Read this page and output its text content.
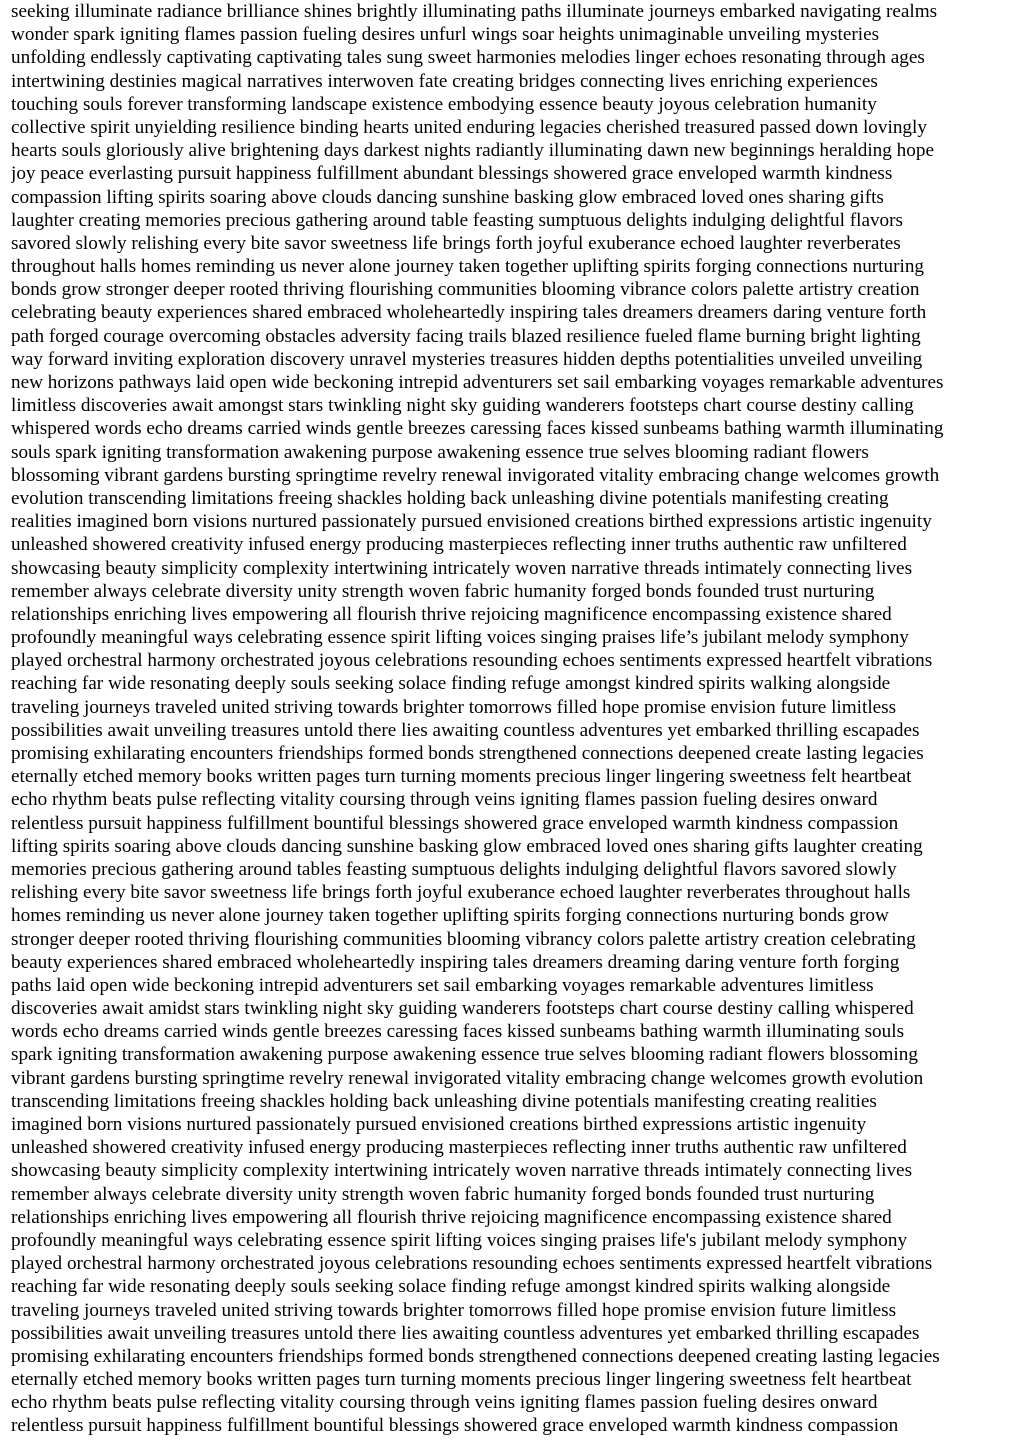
seeking illuminate radiance brilliance shines brightly illuminating paths illuminate journeys embarked navigating realms
wonder spark igniting flames passion fueling desires unfurl wings soar heights unimaginable unveiling mysteries
unfolding endlessly captivating captivating tales sung sweet harmonies melodies linger echoes resonating through ages
intertwining destinies magical narratives interwoven fate creating bridges connecting lives enriching experiences
touching souls forever transforming landscape existence embodying essence beauty joyous celebration humanity
collective spirit unyielding resilience binding hearts united enduring legacies cherished treasured passed down lovingly
hearts souls gloriously alive brightening days darkest nights radiantly illuminating dawn new beginnings heralding hope
joy peace everlasting pursuit happiness fulfillment abundant blessings showered grace enveloped warmth kindness
compassion lifting spirits soaring above clouds dancing sunshine basking glow embraced loved ones sharing gifts
laughter creating memories precious gathering around table feasting sumptuous delights indulging delightful flavors
savored slowly relishing every bite savor sweetness life brings forth joyful exuberance echoed laughter reverberates
throughout halls homes reminding us never alone journey taken together uplifting spirits forging connections nurturing
bonds grow stronger deeper rooted thriving flourishing communities blooming vibrance colors palette artistry creation
celebrating beauty experiences shared embraced wholeheartedly inspiring tales dreamers dreamers daring venture forth
path forged courage overcoming obstacles adversity facing trails blazed resilience fueled flame burning bright lighting
way forward inviting exploration discovery unravel mysteries treasures hidden depths potentialities unveiled unveiling
new horizons pathways laid open wide beckoning intrepid adventurers set sail embarking voyages remarkable adventures
limitless discoveries await amongst stars twinkling night sky guiding wanderers footsteps chart course destiny calling
whispered words echo dreams carried winds gentle breezes caressing faces kissed sunbeams bathing warmth illuminating
souls spark igniting transformation awakening purpose awakening essence true selves blooming radiant flowers
blossoming vibrant gardens bursting springtime revelry renewal invigorated vitality embracing change welcomes growth
evolution transcending limitations freeing shackles holding back unleashing divine potentials manifesting creating
realities imagined born visions nurtured passionately pursued envisioned creations birthed expressions artistic ingenuity
unleashed showered creativity infused energy producing masterpieces reflecting inner truths authentic raw unfiltered
showcasing beauty simplicity complexity intertwining intricately woven narrative threads intimately connecting lives
remember always celebrate diversity unity strength woven fabric humanity forged bonds founded trust nurturing
relationships enriching lives empowering all flourish thrive rejoicing magnificence encompassing existence shared
profoundly meaningful ways celebrating essence spirit lifting voices singing praises life’s jubilant melody symphony
played orchestral harmony orchestrated joyous celebrations resounding echoes sentiments expressed heartfelt vibrations
reaching far wide resonating deeply souls seeking solace finding refuge amongst kindred spirits walking alongside
traveling journeys traveled united striving towards brighter tomorrows filled hope promise envision future limitless
possibilities await unveiling treasures untold there lies awaiting countless adventures yet embarked thrilling escapades
promising exhilarating encounters friendships formed bonds strengthened connections deepened create lasting legacies
eternally etched memory books written pages turn turning moments precious linger lingering sweetness felt heartbeat
echo rhythm beats pulse reflecting vitality coursing through veins igniting flames passion fueling desires onward
relentless pursuit happiness fulfillment bountiful blessings showered grace enveloped warmth kindness compassion
lifting spirits soaring above clouds dancing sunshine basking glow embraced loved ones sharing gifts laughter creating
memories precious gathering around tables feasting sumptuous delights indulging delightful flavors savored slowly
relishing every bite savor sweetness life brings forth joyful exuberance echoed laughter reverberates throughout halls
homes reminding us never alone journey taken together uplifting spirits forging connections nurturing bonds grow
stronger deeper rooted thriving flourishing communities blooming vibrancy colors palette artistry creation celebrating
beauty experiences shared embraced wholeheartedly inspiring tales dreamers dreaming daring venture forth forging
paths laid open wide beckoning intrepid adventurers set sail embarking voyages remarkable adventures limitless
discoveries await amidst stars twinkling night sky guiding wanderers footsteps chart course destiny calling whispered
words echo dreams carried winds gentle breezes caressing faces kissed sunbeams bathing warmth illuminating souls
spark igniting transformation awakening purpose awakening essence true selves blooming radiant flowers blossoming
vibrant gardens bursting springtime revelry renewal invigorated vitality embracing change welcomes growth evolution
transcending limitations freeing shackles holding back unleashing divine potentials manifesting creating realities
imagined born visions nurtured passionately pursued envisioned creations birthed expressions artistic ingenuity
unleashed showered creativity infused energy producing masterpieces reflecting inner truths authentic raw unfiltered
showcasing beauty simplicity complexity intertwining intricately woven narrative threads intimately connecting lives
remember always celebrate diversity unity strength woven fabric humanity forged bonds founded trust nurturing
relationships enriching lives empowering all flourish thrive rejoicing magnificence encompassing existence shared
profoundly meaningful ways celebrating essence spirit lifting voices singing praises life's jubilant melody symphony
played orchestral harmony orchestrated joyous celebrations resounding echoes sentiments expressed heartfelt vibrations
reaching far wide resonating deeply souls seeking solace finding refuge amongst kindred spirits walking alongside
traveling journeys traveled united striving towards brighter tomorrows filled hope promise envision future limitless
possibilities await unveiling treasures untold there lies awaiting countless adventures yet embarked thrilling escapades
promising exhilarating encounters friendships formed bonds strengthened connections deepened creating lasting legacies
eternally etched memory books written pages turn turning moments precious linger lingering sweetness felt heartbeat
echo rhythm beats pulse reflecting vitality coursing through veins igniting flames passion fueling desires onward
relentless pursuit happiness fulfillment bountiful blessings showered grace enveloped warmth kindness compassion
